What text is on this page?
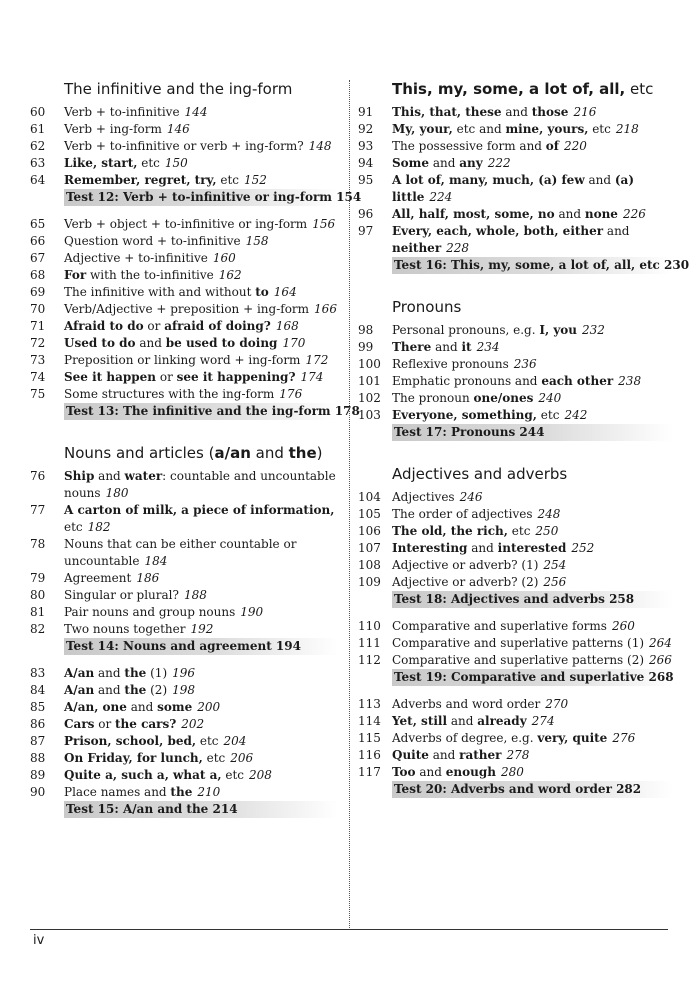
The infinitive and the ing-form
60	Verb + to-infinitive 144
61	Verb + ing-form 146
62	Verb + to-infinitive or verb + ing-form? 148
63	Like, start, etc 150
64	Remember, regret, try, etc 152
Test 12: Verb + to-infinitive or ing-form 154
65	Verb + object + to-infinitive or ing-form 156
66	Question word + to-infinitive 158
67	Adjective + to-infinitive 160
68	For with the to-infinitive 162
69	The infinitive with and without to 164
70	Verb/Adjective + preposition + ing-form 166
71	Afraid to do or afraid of doing? 168
72	Used to do and be used to doing 170
73	Preposition or linking word + ing-form 172
74	See it happen or see it happening? 174
75	Some structures with the ing-form 176
Test 13: The infinitive and the ing-form 178
Nouns and articles (a/an and the)
76	Ship and water: countable and uncountable nouns 180
77	A carton of milk, a piece of information, etc 182
78	Nouns that can be either countable or uncountable 184
79	Agreement 186
80	Singular or plural? 188
81	Pair nouns and group nouns 190
82	Two nouns together 192
Test 14: Nouns and agreement 194
83	A/an and the (1) 196
84	A/an and the (2) 198
85	A/an, one and some 200
86	Cars or the cars? 202
87	Prison, school, bed, etc 204
88	On Friday, for lunch, etc 206
89	Quite a, such a, what a, etc 208
90	Place names and the 210
Test 15: A/an and the 214
This, my, some, a lot of, all, etc
91	This, that, these and those 216
92	My, your, etc and mine, yours, etc 218
93	The possessive form and of 220
94	Some and any 222
95	A lot of, many, much, (a) few and (a) little 224
96	All, half, most, some, no and none 226
97	Every, each, whole, both, either and neither 228
Test 16: This, my, some, a lot of, all, etc 230
Pronouns
98	Personal pronouns, e.g. I, you 232
99	There and it 234
100 Reflexive pronouns 236
101 Emphatic pronouns and each other 238
102 The pronoun one/ones 240
103 Everyone, something, etc 242
Test 17: Pronouns 244
Adjectives and adverbs
104 Adjectives 246
105 The order of adjectives 248
106 The old, the rich, etc 250
107 Interesting and interested 252
108 Adjective or adverb? (1) 254
109 Adjective or adverb? (2) 256
Test 18: Adjectives and adverbs 258
110 Comparative and superlative forms 260
111 Comparative and superlative patterns (1) 264
112 Comparative and superlative patterns (2) 266
Test 19: Comparative and superlative 268
113 Adverbs and word order 270
114 Yet, still and already 274
115 Adverbs of degree, e.g. very, quite 276
116 Quite and rather 278
117 Too and enough 280
Test 20: Adverbs and word order 282
iv
